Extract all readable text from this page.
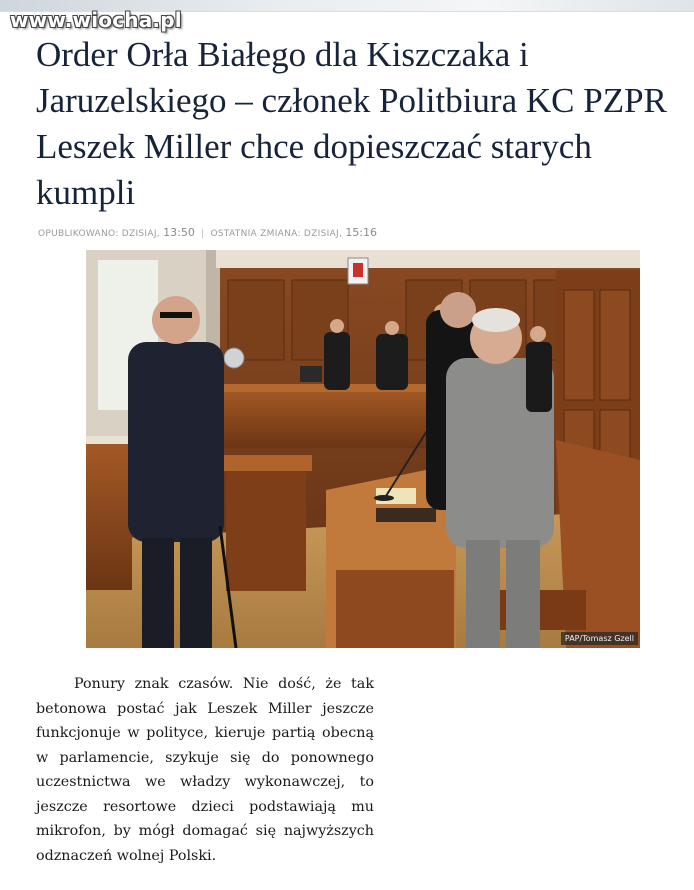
www.wiocha.pl
Order Orła Białego dla Kiszczaka i Jaruzelskiego – członek Politbiura KC PZPR Leszek Miller chce dopieszczać starych kumpli
OPUBLIKOWANO: DZISIAJ, 13:50 | OSTATNIA ZMIANA: DZISIAJ, 15:16
PAP/Tomasz Gzell

Ponury znak czasów. Nie dość, że tak betonowa postać jak Leszek Miller jeszcze funkcjonuje w polityce, kieruje partią obecną w parlamencie, szykuje się do ponownego uczestnictwa we władzy wykonawczej, to jeszcze resortowe dzieci podstawiają mu mikrofon, by mógł domagać się najwyższych odznaczeń wolnej Polski.
